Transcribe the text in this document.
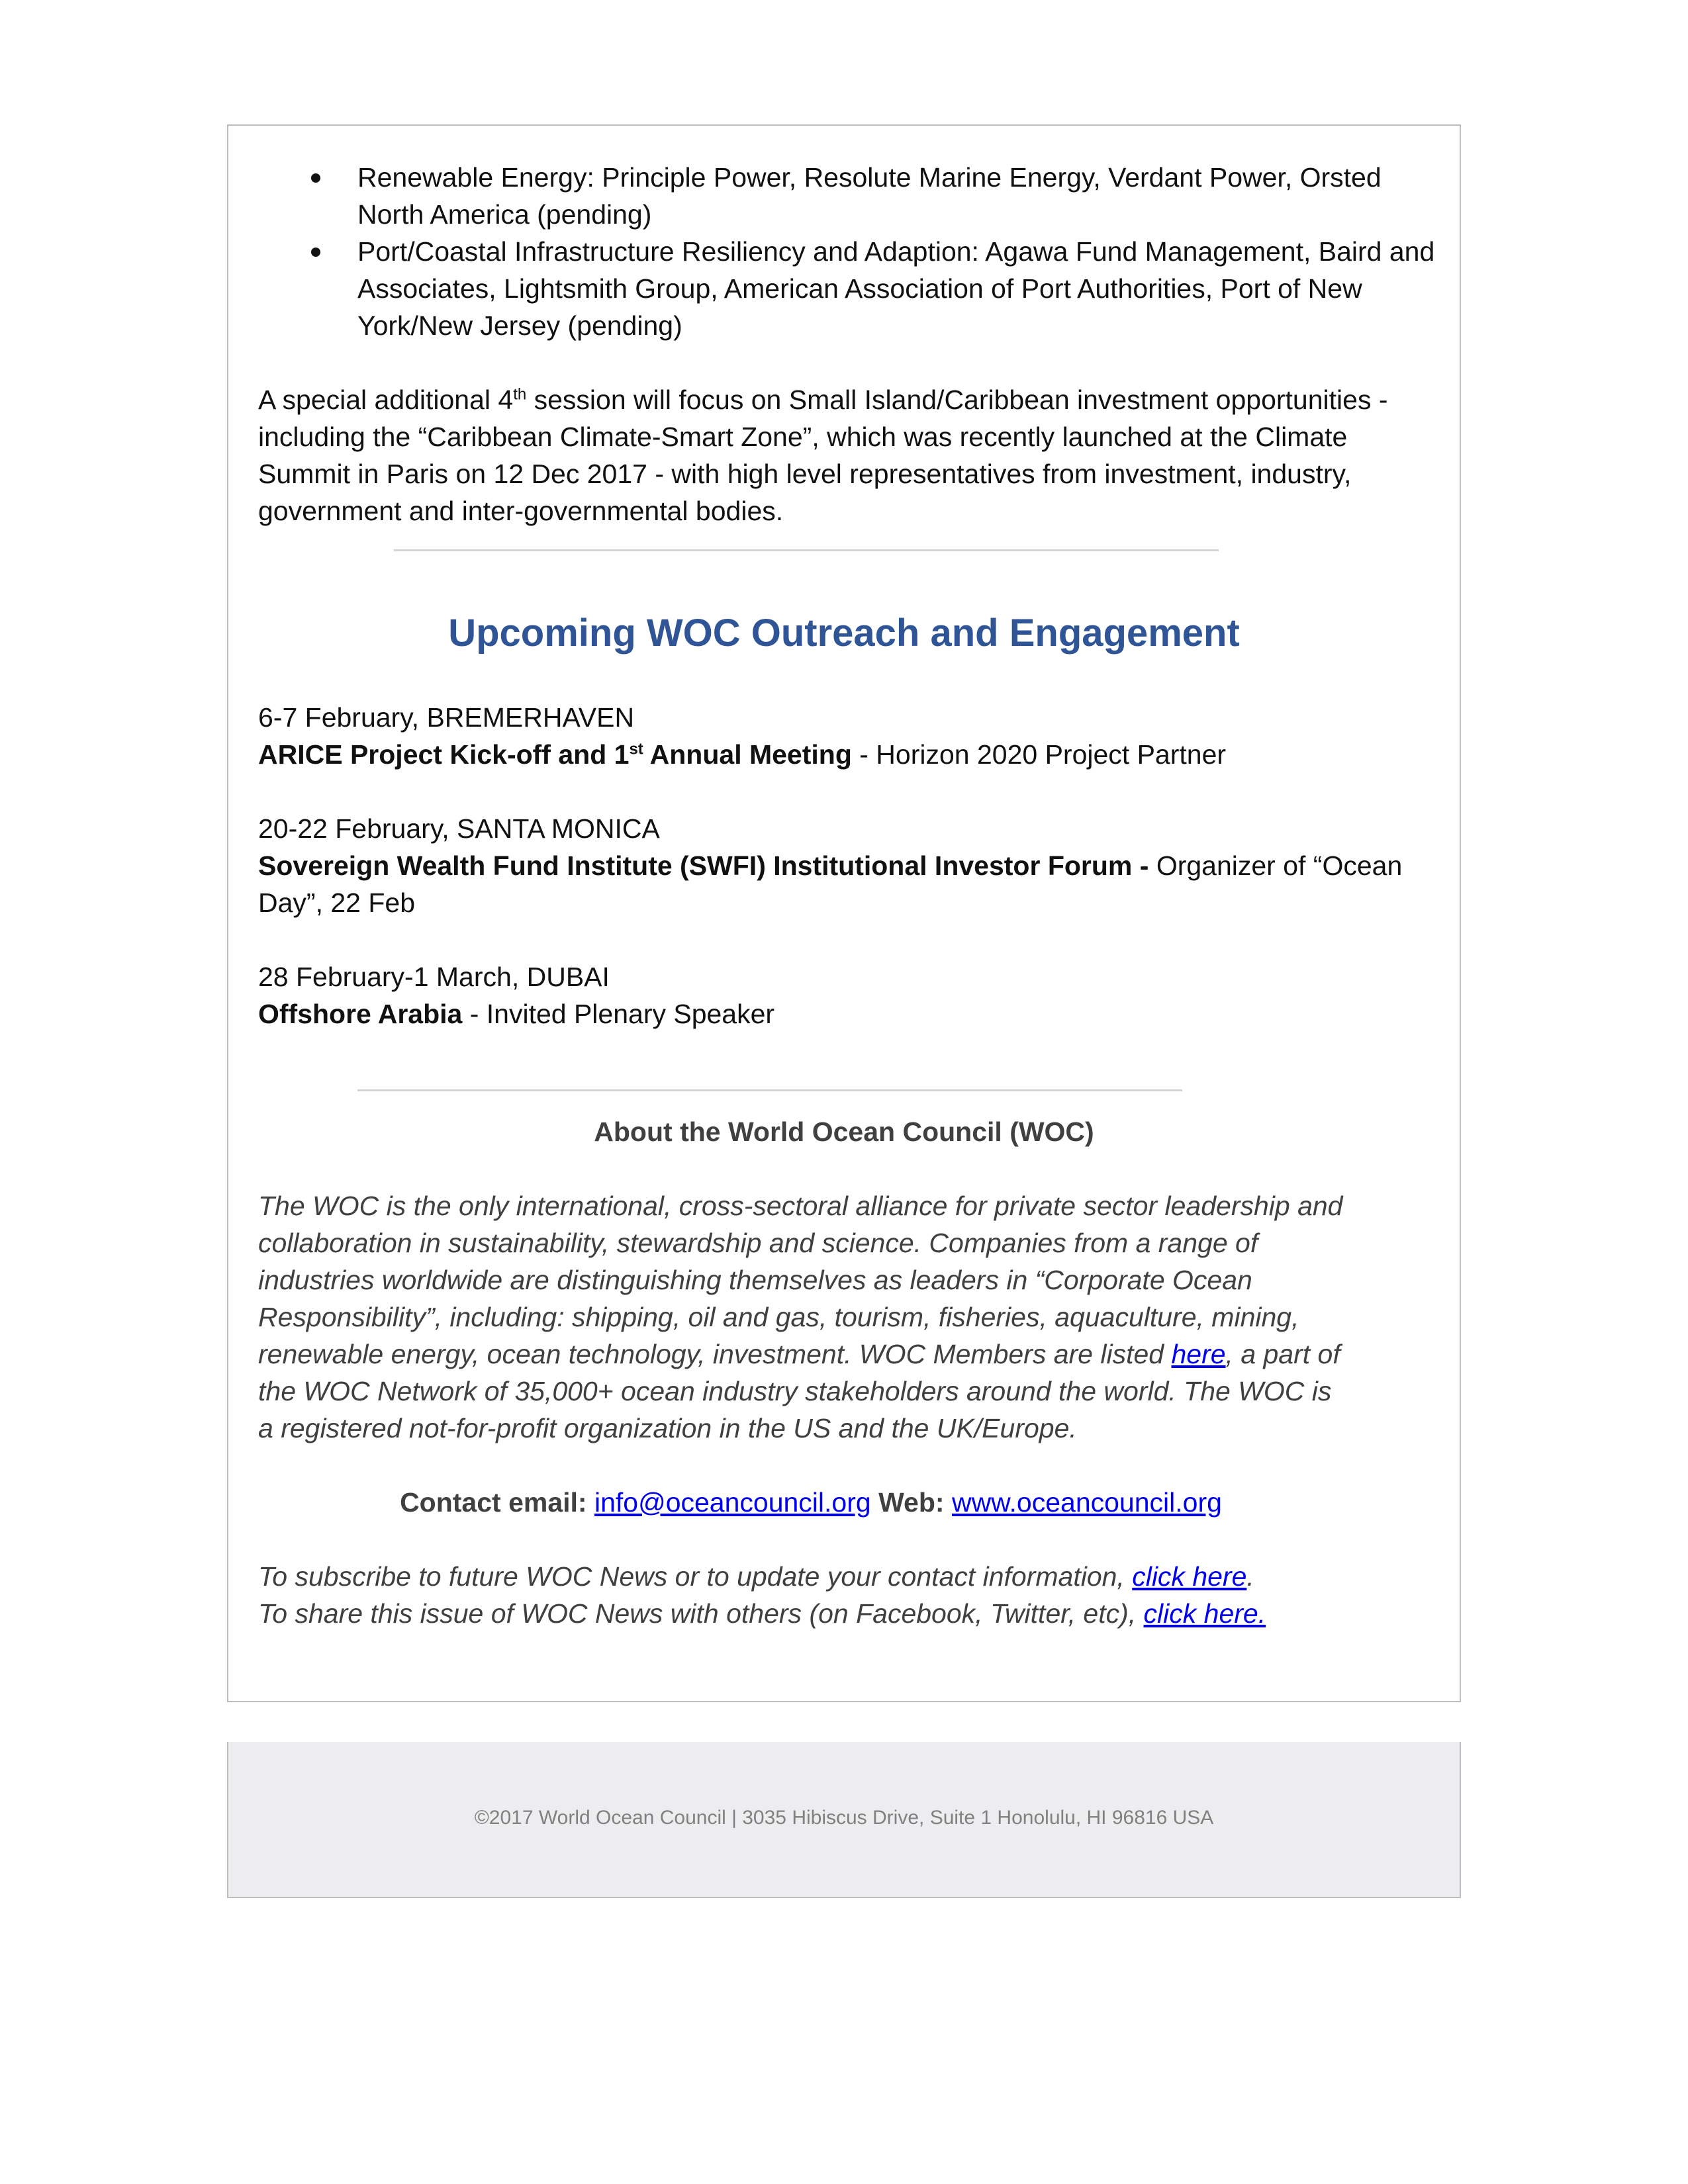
Renewable Energy: Principle Power, Resolute Marine Energy, Verdant Power, Orsted North America (pending)
Port/Coastal Infrastructure Resiliency and Adaption: Agawa Fund Management, Baird and Associates, Lightsmith Group, American Association of Port Authorities, Port of New York/New Jersey (pending)

A special additional 4th session will focus on Small Island/Caribbean investment opportunities - including the “Caribbean Climate-Smart Zone”, which was recently launched at the Climate Summit in Paris on 12 Dec 2017 - with high level representatives from investment, industry, government and inter-governmental bodies.

Upcoming WOC Outreach and Engagement
6-7 February, BREMERHAVEN
ARICE Project Kick-off and 1st Annual Meeting - Horizon 2020 Project Partner
20-22 February, SANTA MONICA
Sovereign Wealth Fund Institute (SWFI) Institutional Investor Forum - Organizer of “Ocean Day”, 22 Feb
28 February-1 March, DUBAI
Offshore Arabia - Invited Plenary Speaker
About the World Ocean Council (WOC)
The WOC is the only international, cross-sectoral alliance for private sector leadership and collaboration in sustainability, stewardship and science. Companies from a range of industries worldwide are distinguishing themselves as leaders in “Corporate Ocean Responsibility”, including: shipping, oil and gas, tourism, fisheries, aquaculture, mining, renewable energy, ocean technology, investment. WOC Members are listed here, a part of the WOC Network of 35,000+ ocean industry stakeholders around the world. The WOC is a registered not-for-profit organization in the US and the UK/Europe.
Contact email: info@oceancouncil.org Web: www.oceancouncil.org
To subscribe to future WOC News or to update your contact information, click here.
To share this issue of WOC News with others (on Facebook, Twitter, etc), click here.
©2017 World Ocean Council | 3035 Hibiscus Drive, Suite 1 Honolulu, HI 96816 USA
